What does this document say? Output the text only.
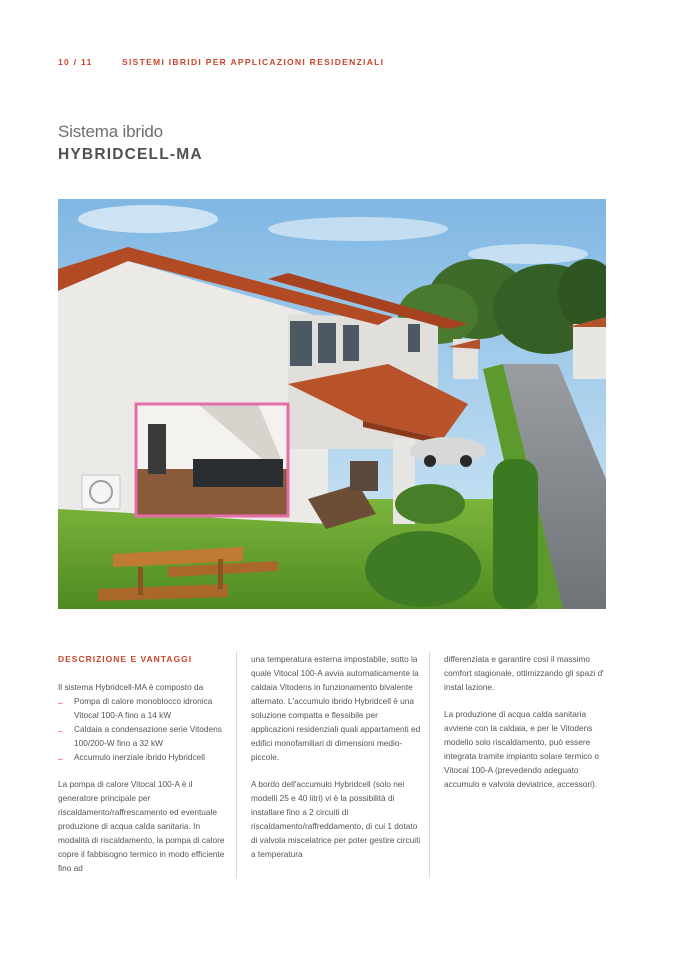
10 / 11	SISTEMI IBRIDI PER APPLICAZIONI RESIDENZIALI
Sistema ibrido
HYBRIDCELL-MA
DESCRIZIONE E VANTAGGI

Il sistema Hybridcell-MA è composto da

_ Pompa di calore monoblocco idronica Vitocal 100-A fino a 14 kW
_ Caldaia a condensazione serie Vitodens 100/200-W fino a 32 kW
_ Accumulo inerziale ibrido Hybridcell

La pompa di calore Vitocal 100-A è il generatore principale per riscaldamento/raffrescamento ed eventuale produzione di acqua calda sanitaria. In modalità di riscaldamento, la pompa di calore copre il fabbisogno termico in modo efficiente fino ad

una temperatura esterna impostabile, sotto la quale Vitocal 100-A avvia automaticamente la caldaia Vitodens in funzionamento bivalente alternato. L'accumulo ibrido Hybridcell è una soluzione compatta e flessibile per applicazioni residenziali quali appartamenti ed edifici monofamiliari di dimensioni medio-piccole.

A bordo dell'accumulo Hybridcell (solo nei modelli 25 e 40 litri) vi è la possibilità di installare fino a 2 circuiti di riscaldamento/raffreddamento, di cui 1 dotato di valvola miscelatrice per poter gestire circuiti a temperatura

differenziata e garantire così il massimo comfort stagionale, ottimizzando gli spazi d' instal lazione.

La produzione di acqua calda sanitaria avviene con la caldaia, e per le Vitodens modello solo riscaldamento, può essere integrata tramite impianto solare termico o Vitocal 100-A (prevedendo adeguato accumulo e valvola deviatrice, accessori).
